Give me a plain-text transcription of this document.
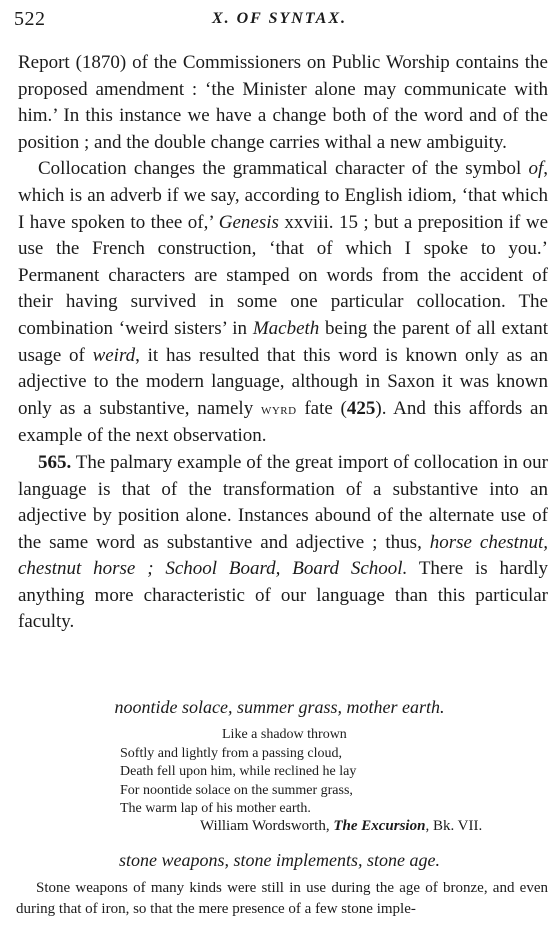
522	X. OF SYNTAX.

Report (1870) of the Commissioners on Public Worship contains the proposed amendment : ‘the Minister alone may communicate with him.’ In this instance we have a change both of the word and of the position ; and the double change carries withal a new ambiguity.

Collocation changes the grammatical character of the symbol of, which is an adverb if we say, according to English idiom, ‘that which I have spoken to thee of,’ Genesis xxviii. 15 ; but a preposition if we use the French construction, ‘that of which I spoke to you.’ Permanent characters are stamped on words from the accident of their having survived in some one particular collocation. The combination ‘weird sisters’ in Macbeth being the parent of all extant usage of weird, it has resulted that this word is known only as an adjective to the modern language, although in Saxon it was known only as a substantive, namely wyrd fate (425). And this affords an example of the next observation.

565. The palmary example of the great import of collocation in our language is that of the transformation of a substantive into an adjective by position alone. Instances abound of the alternate use of the same word as substantive and adjective ; thus, horse chestnut, chestnut horse ; School Board, Board School. There is hardly anything more characteristic of our language than this particular faculty.

noontide solace, summer grass, mother earth.
Like a shadow thrown
Softly and lightly from a passing cloud,
Death fell upon him, while reclined he lay
For noontide solace on the summer grass,
The warm lap of his mother earth.
William Wordsworth, The Excursion, Bk. VII.
stone weapons, stone implements, stone age.

Stone weapons of many kinds were still in use during the age of bronze, and even during that of iron, so that the mere presence of a few stone imple-
